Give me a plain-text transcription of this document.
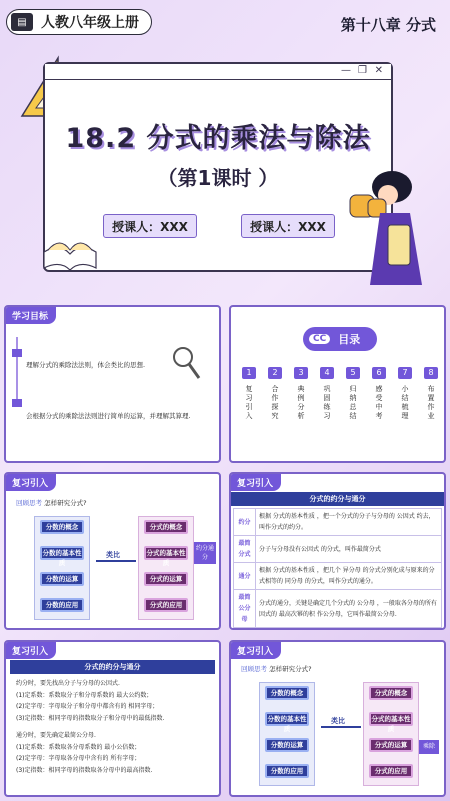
▤	人教八年级上册	第十八章 分式
— ❐ ✕
18.2 分式的乘法与除法
（第1课时 ）
授课人：XXX	授课人：XXX
学习目标
理解分式的乘除法法则，体会类比的思想.
会根据分式的乘除法法则进行简单的运算，并理解其算理.
CC	目录
1
复习引入
2
合作探究
3
典例分析
4
巩固练习
5
归纳总结
6
感受中考
7
小结梳理
8
布置作业
复习引入
回顾思考 怎样研究分式?
分数的概念
分数的基本性质
分数的运算
分数的应用
类比
分式的概念
分式的基本性质
分式的运算
分式的应用
约分通分
复习引入
分式的约分与通分
约分	根据 分式的基本性质 ，把一个分式的分子与分母的 公因式 约去，叫作分式的约分。
最简分式	分子与分母没有公因式 的分式，叫作最简分式
通分	根据 分式的基本性质 ，把几个 异分母 的分式分别化成与原来的分式相等的 同分母 的分式，叫作分式的通分。
最简公分母	分式的通分，关键是确定几个分式的 公分母 ，一般取各分母的所有因式的 最高次幂的积 作公分母，它叫作最简公分母.
复习引入
分式的约分与通分
约分时，要先找出分子与分母的公因式.
(1)定系数：系数取分子和分母系数的 最大公约数；
(2)定字母：字母取分子和分母中都含有的 相同字母；
(3)定指数：相同字母的指数取分子和分母中的最低指数.
通分时，要先确定最简公分母.
(1)定系数：系数取各分母系数的 最小公倍数；
(2)定字母：字母取各分母中含有的 所有字母；
(3)定指数：相同字母的指数取各分母中的最高指数.
复习引入
回顾思考 怎样研究分式?
分数的概念
分数的基本性质
分数的运算
分数的应用
类比
分式的概念
分式的基本性质
分式的运算
分式的应用
乘除
